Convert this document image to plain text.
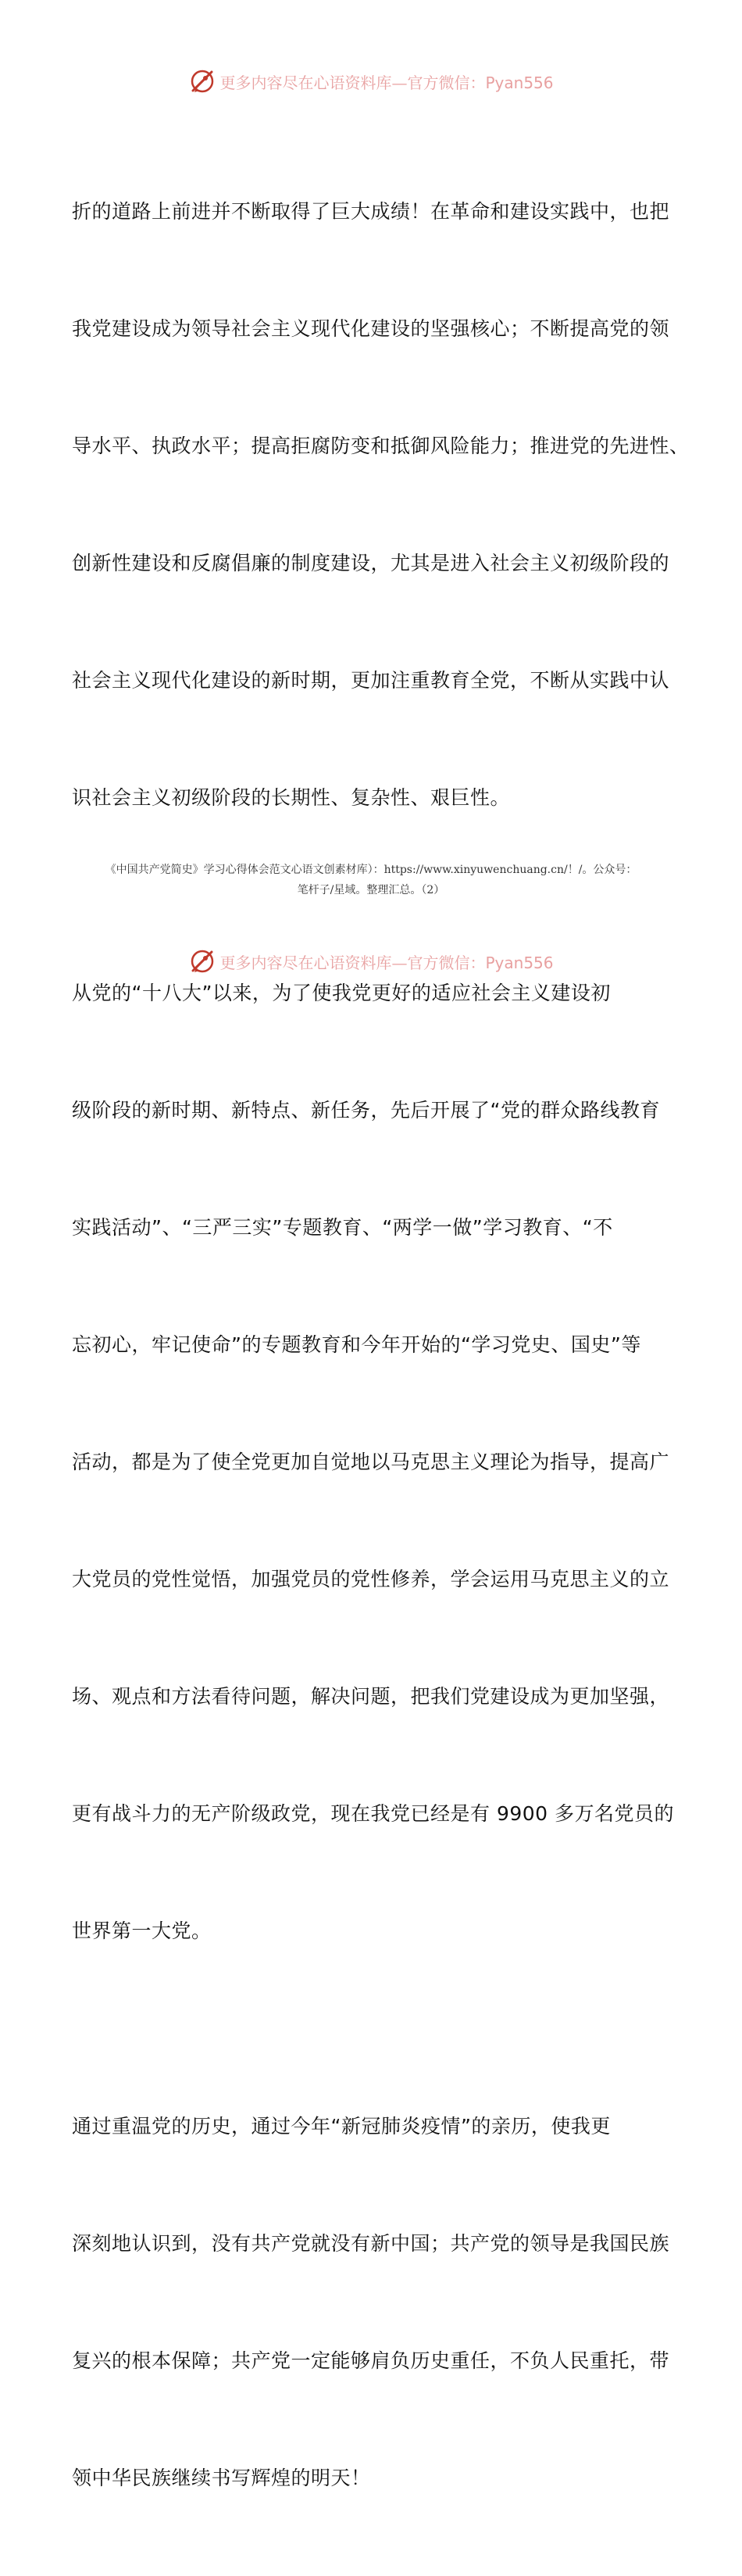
更多内容尽在心语资料库—官方微信：Pyan556

折的道路上前进并不断取得了巨大成绩！在革命和建设实践中，也把

我党建设成为领导社会主义现代化建设的坚强核心；不断提高党的领

导水平、执政水平；提高拒腐防变和抵御风险能力；推进党的先进性、

创新性建设和反腐倡廉的制度建设，尤其是进入社会主义初级阶段的

社会主义现代化建设的新时期，更加注重教育全党，不断从实践中认

识社会主义初级阶段的长期性、复杂性、艰巨性。

从党的“十八大”以来，为了使我党更好的适应社会主义建设初

级阶段的新时期、新特点、新任务，先后开展了“党的群众路线教育

实践活动”、“三严三实”专题教育、“两学一做”学习教育、“不

忘初心，牢记使命”的专题教育和今年开始的“学习党史、国史”等

活动，都是为了使全党更加自觉地以马克思主义理论为指导，提高广

大党员的党性觉悟，加强党员的党性修养，学会运用马克思主义的立

场、观点和方法看待问题，解决问题，把我们党建设成为更加坚强，

更有战斗力的无产阶级政党，现在我党已经是有 9900 多万名党员的

世界第一大党。

通过重温党的历史，通过今年“新冠肺炎疫情”的亲历，使我更

深刻地认识到，没有共产党就没有新中国；共产党的领导是我国民族

复兴的根本保障；共产党一定能够肩负历史重任，不负人民重托，带

领中华民族继续书写辉煌的明天！

《中国共产党简史》学习心得体会范文心语文创素材库）：https://www.xinyuwenchuang.cn/！/。公众号：
笔杆子/星域。整理汇总。（2）
更多内容尽在心语资料库—官方微信：Pyan556
